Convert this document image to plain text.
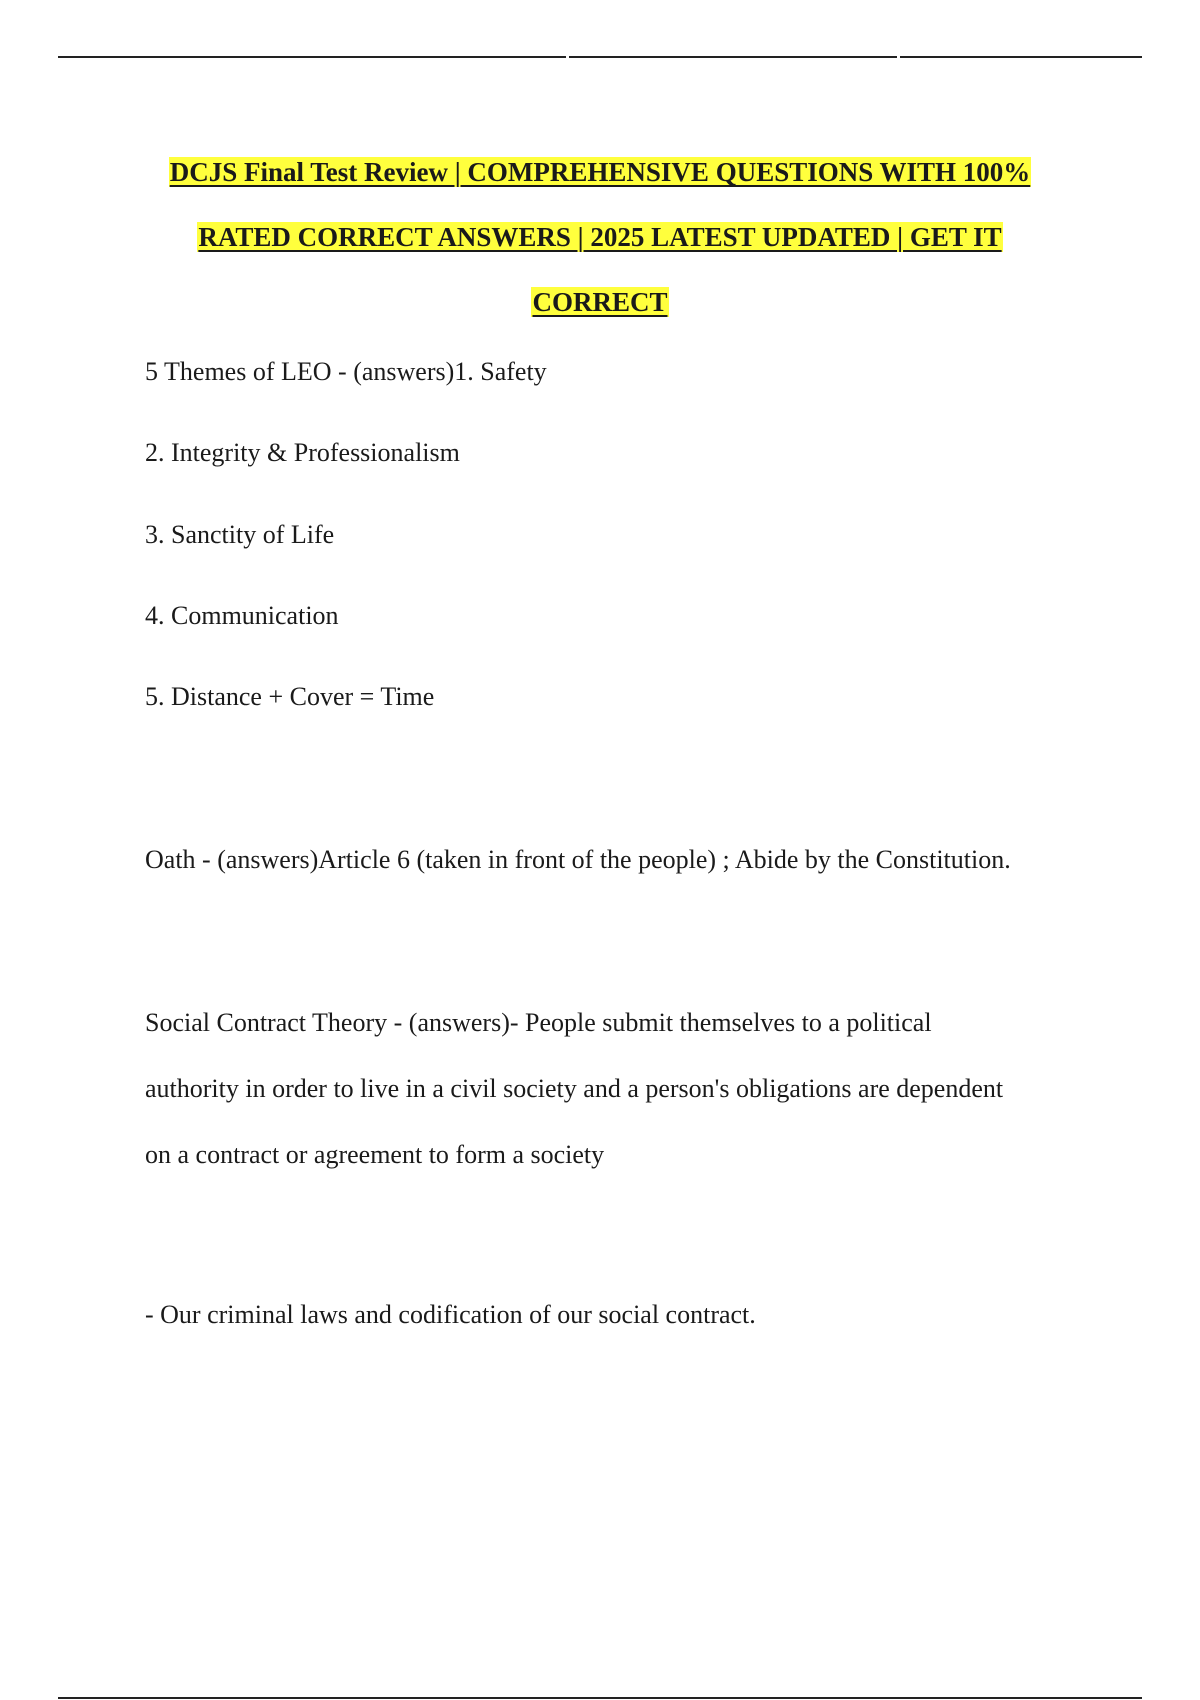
DCJS Final Test Review | COMPREHENSIVE QUESTIONS WITH 100%
RATED CORRECT ANSWERS | 2025 LATEST UPDATED | GET IT
CORRECT
5 Themes of LEO - (answers)1. Safety
2. Integrity & Professionalism
3. Sanctity of Life
4. Communication
5. Distance + Cover = Time
Oath - (answers)Article 6 (taken in front of the people) ; Abide by the Constitution.
Social Contract Theory - (answers)- People submit themselves to a political
authority in order to live in a civil society and a person's obligations are dependent
on a contract or agreement to form a society
- Our criminal laws and codification of our social contract.
